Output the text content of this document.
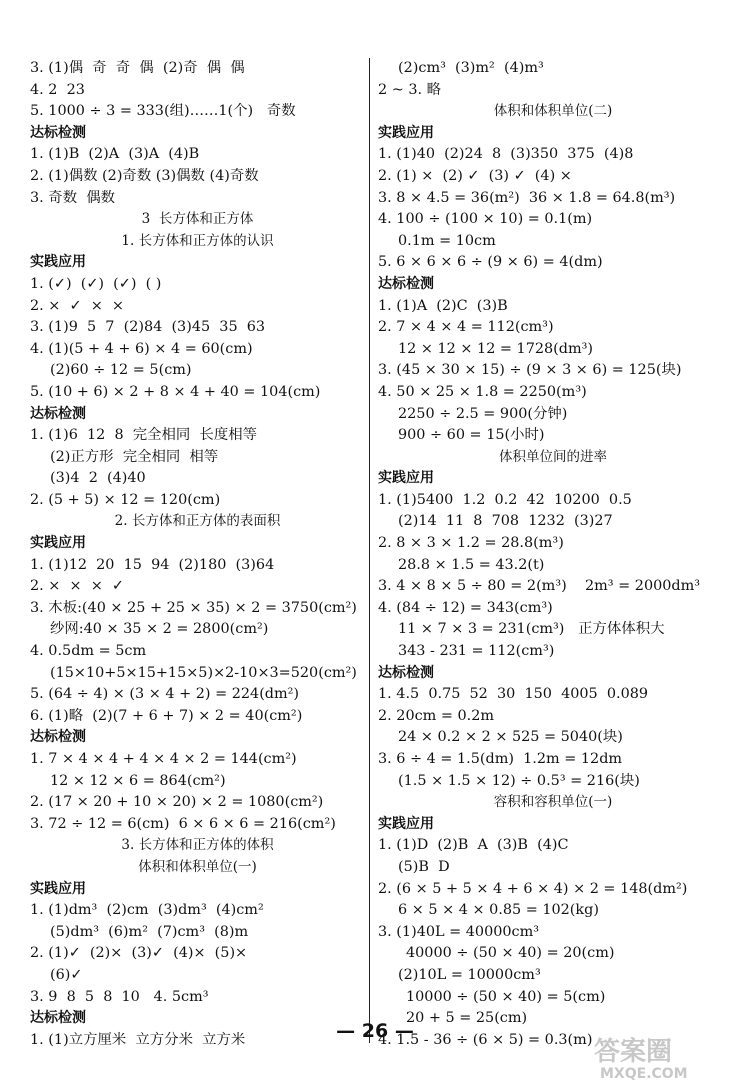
3. (1)偶  奇  奇  偶  (2)奇  偶  偶
4. 2  23
5. 1000 ÷ 3 = 333(组)……1(个)   奇数
达标检测
1. (1)B  (2)A  (3)A  (4)B
2. (1)偶数 (2)奇数 (3)偶数 (4)奇数
3. 奇数  偶数
3  长方体和正方体
1. 长方体和正方体的认识
实践应用
1. (✓)  (✓)  (✓)  ( )
2. ×  ✓  ×  ×
3. (1)9  5  7  (2)84  (3)45  35  63
4. (1)(5 + 4 + 6) × 4 = 60(cm)
(2)60 ÷ 12 = 5(cm)
5. (10 + 6) × 2 + 8 × 4 + 40 = 104(cm)
达标检测
1. (1)6  12  8  完全相同  长度相等
(2)正方形  完全相同  相等
(3)4  2  (4)40
2. (5 + 5) × 12 = 120(cm)
2. 长方体和正方体的表面积
实践应用
1. (1)12  20  15  94  (2)180  (3)64
2. ×  ×  ×  ✓
3. 木板:(40 × 25 + 25 × 35) × 2 = 3750(cm²)
纱网:40 × 35 × 2 = 2800(cm²)
4. 0.5dm = 5cm
(15×10+5×15+15×5)×2-10×3=520(cm²)
5. (64 ÷ 4) × (3 × 4 + 2) = 224(dm²)
6. (1)略  (2)(7 + 6 + 7) × 2 = 40(cm²)
达标检测
1. 7 × 4 × 4 + 4 × 4 × 2 = 144(cm²)
12 × 12 × 6 = 864(cm²)
2. (17 × 20 + 10 × 20) × 2 = 1080(cm²)
3. 72 ÷ 12 = 6(cm)  6 × 6 × 6 = 216(cm²)
3. 长方体和正方体的体积
体积和体积单位(一)
实践应用
1. (1)dm³  (2)cm  (3)dm³  (4)cm²
(5)dm³  (6)m²  (7)cm³  (8)m
2. (1)✓  (2)×  (3)✓  (4)×  (5)×
(6)✓
3. 9  8  5  8  10   4. 5cm³
达标检测
1. (1)立方厘米  立方分米  立方米
(2)cm³  (3)m²  (4)m³
2 ~ 3. 略
体积和体积单位(二)
实践应用
1. (1)40  (2)24  8  (3)350  375  (4)8
2. (1) ×  (2) ✓  (3) ✓  (4) ×
3. 8 × 4.5 = 36(m²)  36 × 1.8 = 64.8(m³)
4. 100 ÷ (100 × 10) = 0.1(m)
0.1m = 10cm
5. 6 × 6 × 6 ÷ (9 × 6) = 4(dm)
达标检测
1. (1)A  (2)C  (3)B
2. 7 × 4 × 4 = 112(cm³)
12 × 12 × 12 = 1728(dm³)
3. (45 × 30 × 15) ÷ (9 × 3 × 6) = 125(块)
4. 50 × 25 × 1.8 = 2250(m³)
2250 ÷ 2.5 = 900(分钟)
900 ÷ 60 = 15(小时)
体积单位间的进率
实践应用
1. (1)5400  1.2  0.2  42  10200  0.5
(2)14  11  8  708  1232  (3)27
2. 8 × 3 × 1.2 = 28.8(m³)
28.8 × 1.5 = 43.2(t)
3. 4 × 8 × 5 ÷ 80 = 2(m³)    2m³ = 2000dm³
4. (84 ÷ 12) = 343(cm³)
11 × 7 × 3 = 231(cm³)   正方体体积大
343 - 231 = 112(cm³)
达标检测
1. 4.5  0.75  52  30  150  4005  0.089
2. 20cm = 0.2m
24 × 0.2 × 2 × 525 = 5040(块)
3. 6 ÷ 4 = 1.5(dm)  1.2m = 12dm
(1.5 × 1.5 × 12) ÷ 0.5³ = 216(块)
容积和容积单位(一)
实践应用
1. (1)D  (2)B  A  (3)B  (4)C
(5)B  D
2. (6 × 5 + 5 × 4 + 6 × 4) × 2 = 148(dm²)
6 × 5 × 4 × 0.85 = 102(kg)
3. (1)40L = 40000cm³
40000 ÷ (50 × 40) = 20(cm)
(2)10L = 10000cm³
10000 ÷ (50 × 40) = 5(cm)
20 + 5 = 25(cm)
4. 1.5 - 36 ÷ (6 × 5) = 0.3(m)
— 26 —
答案圈
MXQE.COM
